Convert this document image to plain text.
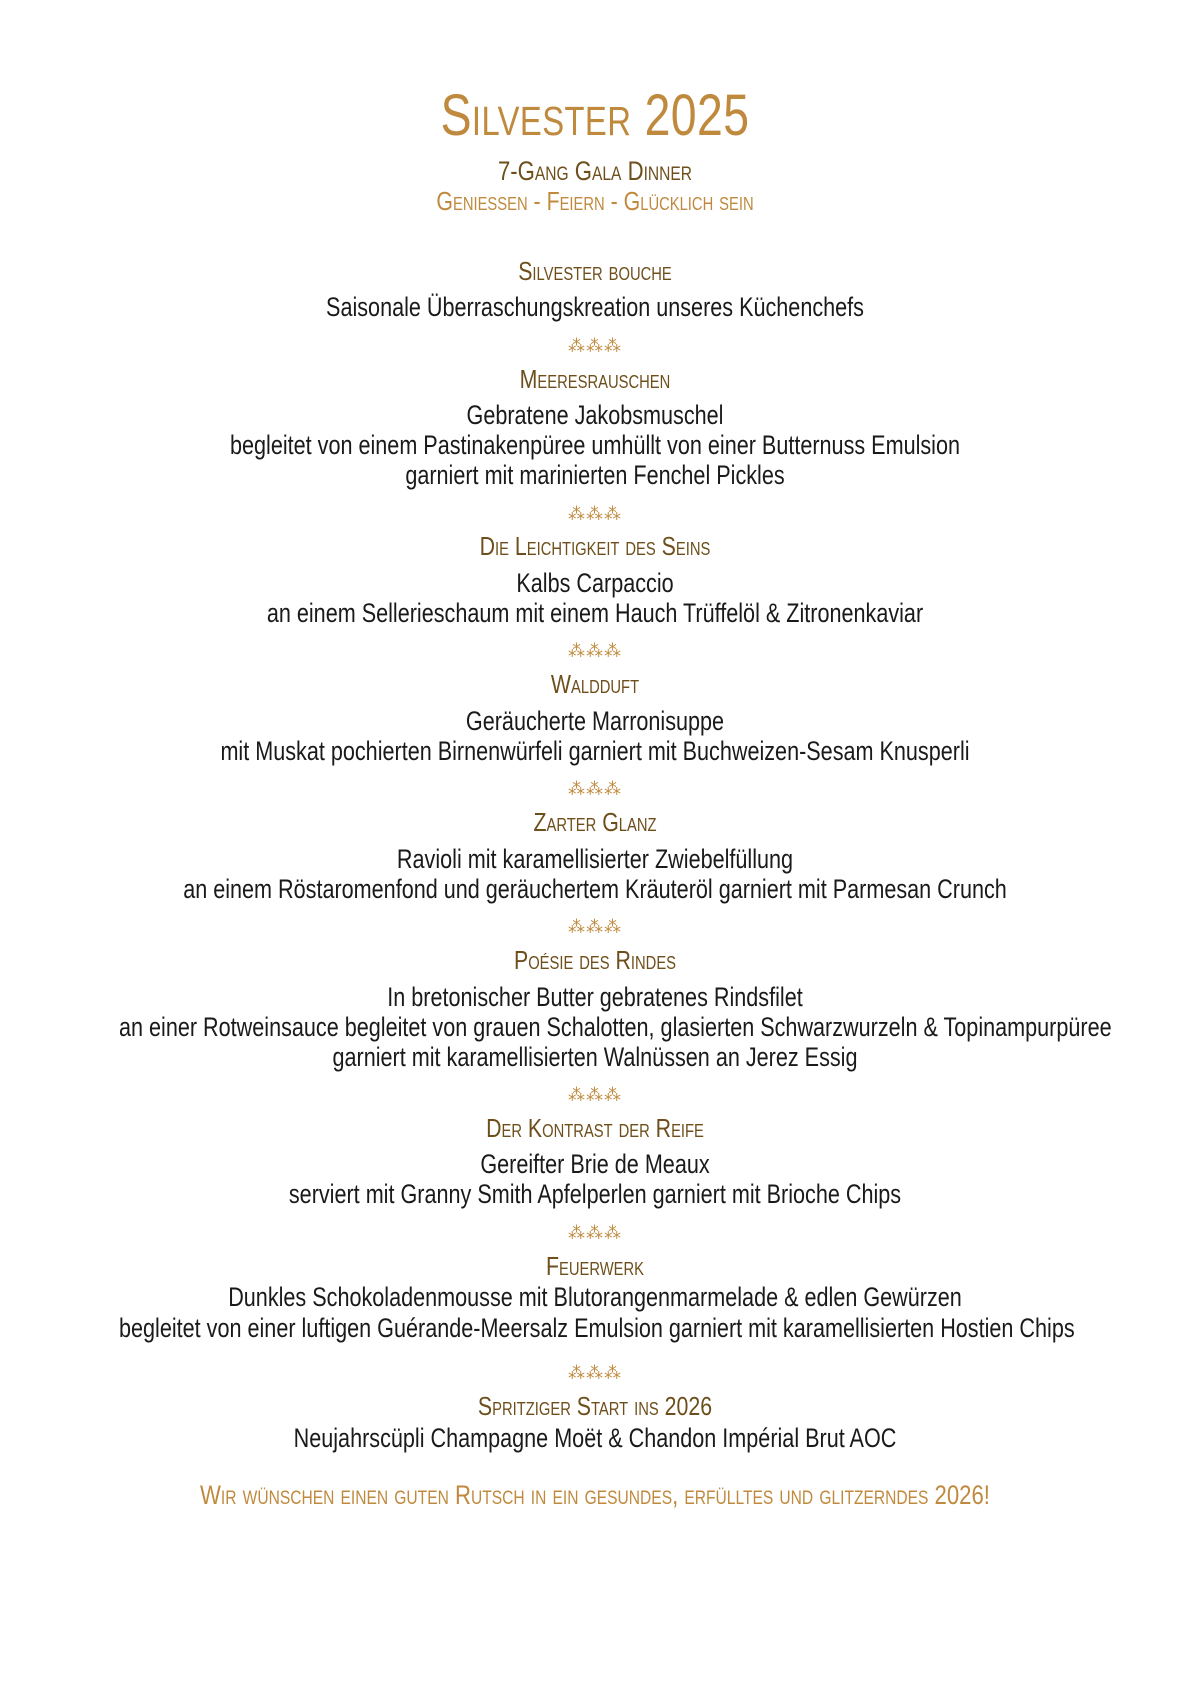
Silvester 2025
7-Gang Gala Dinner
Geniessen - Feiern - Glücklich sein
Silvester bouche
Saisonale Überraschungskreation unseres Küchenchefs
⁂⁂⁂
Meeresrauschen
Gebratene Jakobsmuschel
begleitet von einem Pastinakenpüree umhüllt von einer Butternuss Emulsion
garniert mit marinierten Fenchel Pickles
⁂⁂⁂
Die Leichtigkeit des Seins
Kalbs Carpaccio
an einem Sellerieschaum mit einem Hauch Trüffelöl & Zitronenkaviar
⁂⁂⁂
Waldduft
Geräucherte Marronisuppe
mit Muskat pochierten Birnenwürfeli garniert mit Buchweizen-Sesam Knusperli
⁂⁂⁂
Zarter Glanz
Ravioli mit karamellisierter Zwiebelfüllung
an einem Röstaromenfond und geräuchertem Kräuteröl garniert mit Parmesan Crunch
⁂⁂⁂
Poésie des Rindes
In bretonischer Butter gebratenes Rindsfilet
an einer Rotweinsauce begleitet von grauen Schalotten, glasierten Schwarzwurzeln & Topinampurpüree
garniert mit karamellisierten Walnüssen an Jerez Essig
⁂⁂⁂
Der Kontrast der Reife
Gereifter Brie de Meaux
serviert mit Granny Smith Apfelperlen garniert mit Brioche Chips
⁂⁂⁂
Feuerwerk
Dunkles Schokoladenmousse mit Blutorangenmarmelade & edlen Gewürzen
begleitet von einer luftigen Guérande-Meersalz Emulsion garniert mit karamellisierten Hostien Chips
⁂⁂⁂
Spritziger Start ins 2026
Neujahrscüpli Champagne Moët & Chandon Impérial Brut AOC
Wir wünschen einen guten Rutsch in ein gesundes, erfülltes und glitzerndes 2026!
